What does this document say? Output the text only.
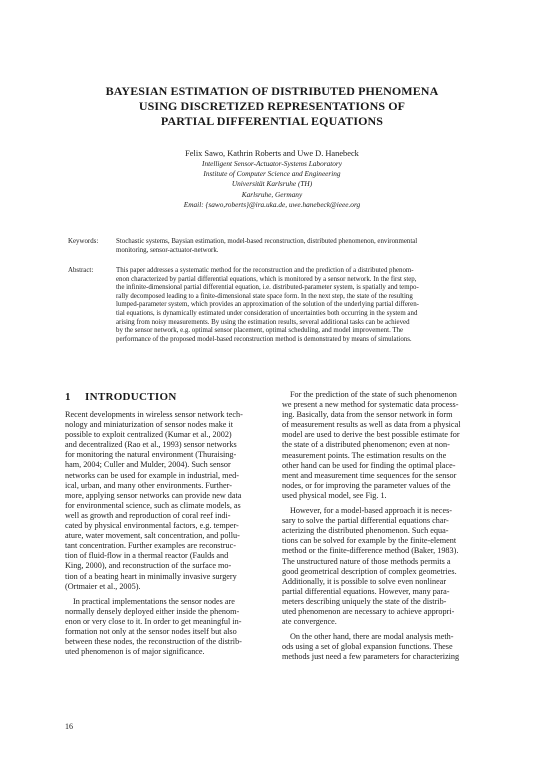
BAYESIAN ESTIMATION OF DISTRIBUTED PHENOMENA
USING DISCRETIZED REPRESENTATIONS OF
PARTIAL DIFFERENTIAL EQUATIONS
Felix Sawo, Kathrin Roberts and Uwe D. Hanebeck
Intelligent Sensor-Actuator-Systems Laboratory
Institute of Computer Science and Engineering
Universität Karlsruhe (TH)
Karlsruhe, Germany
Email: {sawo,roberts}@ira.uka.de, uwe.hanebeck@ieee.org
Keywords:	Stochastic systems, Baysian estimation, model-based reconstruction, distributed phenomenon, environmental
monitoring, sensor-actuator-network.
Abstract:	This paper addresses a systematic method for the reconstruction and the prediction of a distributed phenom-
enon characterized by partial differential equations, which is monitored by a sensor network. In the first step,
the infinite-dimensional partial differential equation, i.e. distributed-parameter system, is spatially and tempo-
rally decomposed leading to a finite-dimensional state space form. In the next step, the state of the resulting
lumped-parameter system, which provides an approximation of the solution of the underlying partial differen-
tial equations, is dynamically estimated under consideration of uncertainties both occurring in the system and
arising from noisy measurements. By using the estimation results, several additional tasks can be achieved
by the sensor network, e.g. optimal sensor placement, optimal scheduling, and model improvement. The
performance of the proposed model-based reconstruction method is demonstrated by means of simulations.
1 INTRODUCTION
Recent developments in wireless sensor network tech-
nology and miniaturization of sensor nodes make it
possible to exploit centralized (Kumar et al., 2002)
and decentralized (Rao et al., 1993) sensor networks
for monitoring the natural environment (Thuraising-
ham, 2004; Culler and Mulder, 2004). Such sensor
networks can be used for example in industrial, med-
ical, urban, and many other environments. Further-
more, applying sensor networks can provide new data
for environmental science, such as climate models, as
well as growth and reproduction of coral reef indi-
cated by physical environmental factors, e.g. temper-
ature, water movement, salt concentration, and pollu-
tant concentration. Further examples are reconstruc-
tion of fluid-flow in a thermal reactor (Faulds and
King, 2000), and reconstruction of the surface mo-
tion of a beating heart in minimally invasive surgery
(Ortmaier et al., 2005).
In practical implementations the sensor nodes are
normally densely deployed either inside the phenom-
enon or very close to it. In order to get meaningful in-
formation not only at the sensor nodes itself but also
between these nodes, the reconstruction of the distrib-
uted phenomenon is of major significance.
For the prediction of the state of such phenomenon
we present a new method for systematic data process-
ing. Basically, data from the sensor network in form
of measurement results as well as data from a physical
model are used to derive the best possible estimate for
the state of a distributed phenomenon; even at non-
measurement points. The estimation results on the
other hand can be used for finding the optimal place-
ment and measurement time sequences for the sensor
nodes, or for improving the parameter values of the
used physical model, see Fig. 1.
However, for a model-based approach it is neces-
sary to solve the partial differential equations char-
acterizing the distributed phenomenon. Such equa-
tions can be solved for example by the finite-element
method or the finite-difference method (Baker, 1983).
The unstructured nature of those methods permits a
good geometrical description of complex geometries.
Additionally, it is possible to solve even nonlinear
partial differential equations. However, many para-
meters describing uniquely the state of the distrib-
uted phenomenon are necessary to achieve appropri-
ate convergence.
On the other hand, there are modal analysis meth-
ods using a set of global expansion functions. These
methods just need a few parameters for characterizing
16
